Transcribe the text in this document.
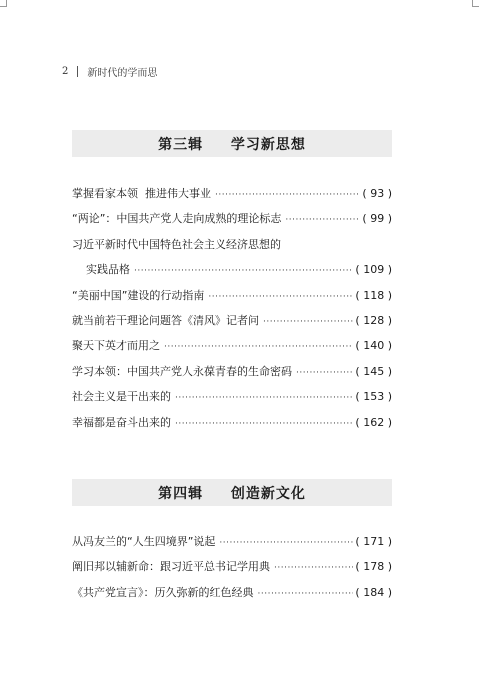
2 新时代的学而思
第三辑  学习新思想
掌握看家本领  推进伟大事业 ·····	( 93 )
“两论”：中国共产党人走向成熟的理论标志 ·····	( 99 )
习近平新时代中国特色社会主义经济思想的
实践品格 ·····	( 109 )
“美丽中国”建设的行动指南 ·····	( 118 )
就当前若干理论问题答《清风》记者问 ·····	( 128 )
聚天下英才而用之 ·····	( 140 )
学习本领：中国共产党人永葆青春的生命密码 ·····	( 145 )
社会主义是干出来的 ·····	( 153 )
幸福都是奋斗出来的 ·····	( 162 )
第四辑  创造新文化
从冯友兰的“人生四境界”说起 ·····	( 171 )
阐旧邦以辅新命：跟习近平总书记学用典 ·····	( 178 )
《共产党宣言》：历久弥新的红色经典 ·····	( 184 )
